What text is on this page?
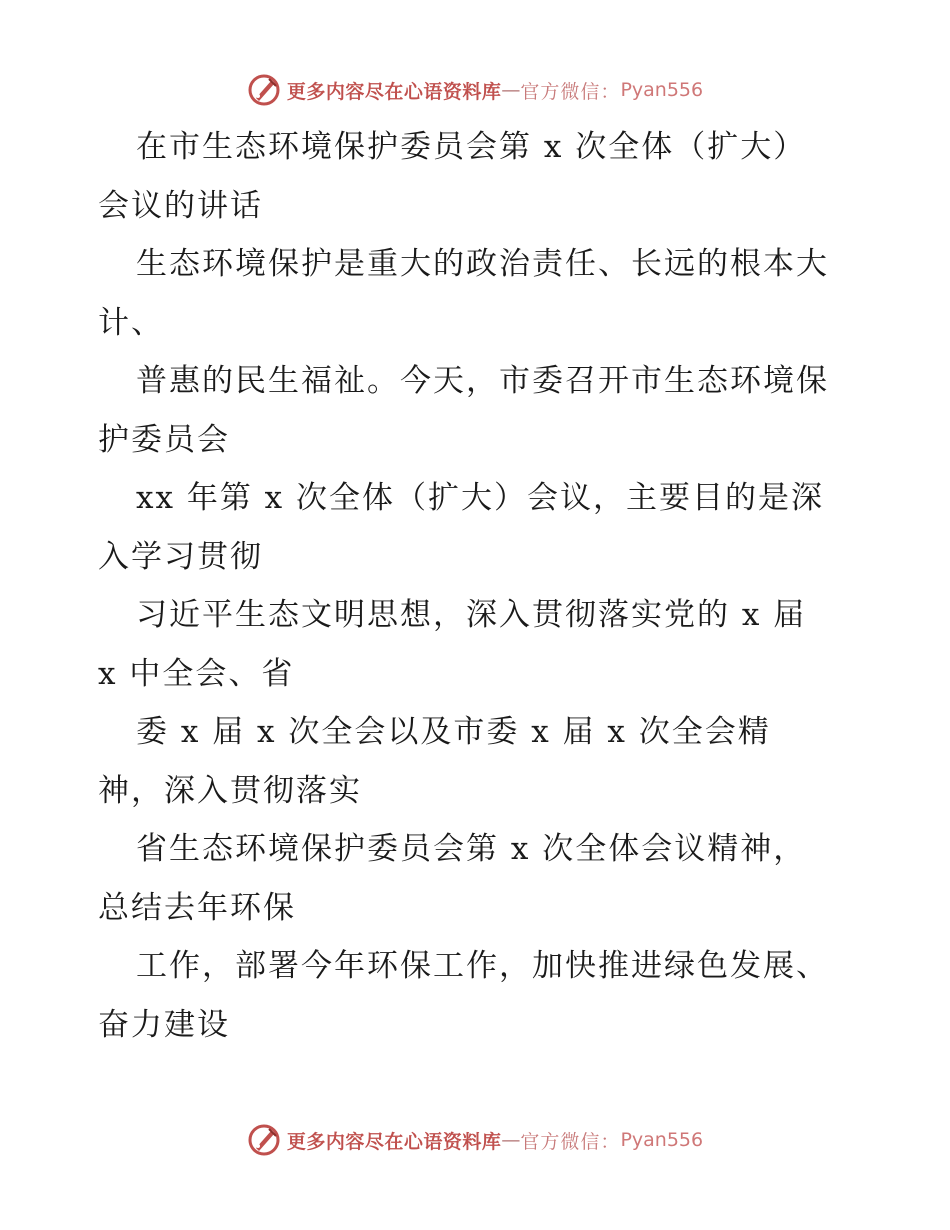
更多内容尽在心语资料库 — 官方微信： Pyan556
在市生态环境保护委员会第 x 次全体（扩大）
会议的讲话
生态环境保护是重大的政治责任、长远的根本大
计、
普惠的民生福祉。今天，市委召开市生态环境保
护委员会
xx 年第 x 次全体（扩大）会议，主要目的是深
入学习贯彻
习近平生态文明思想，深入贯彻落实党的 x 届
x 中全会、省
委 x 届 x 次全会以及市委 x 届 x 次全会精
神，深入贯彻落实
省生态环境保护委员会第 x 次全体会议精神，
总结去年环保
工作，部署今年环保工作，加快推进绿色发展、
奋力建设
更多内容尽在心语资料库 — 官方微信： Pyan556
